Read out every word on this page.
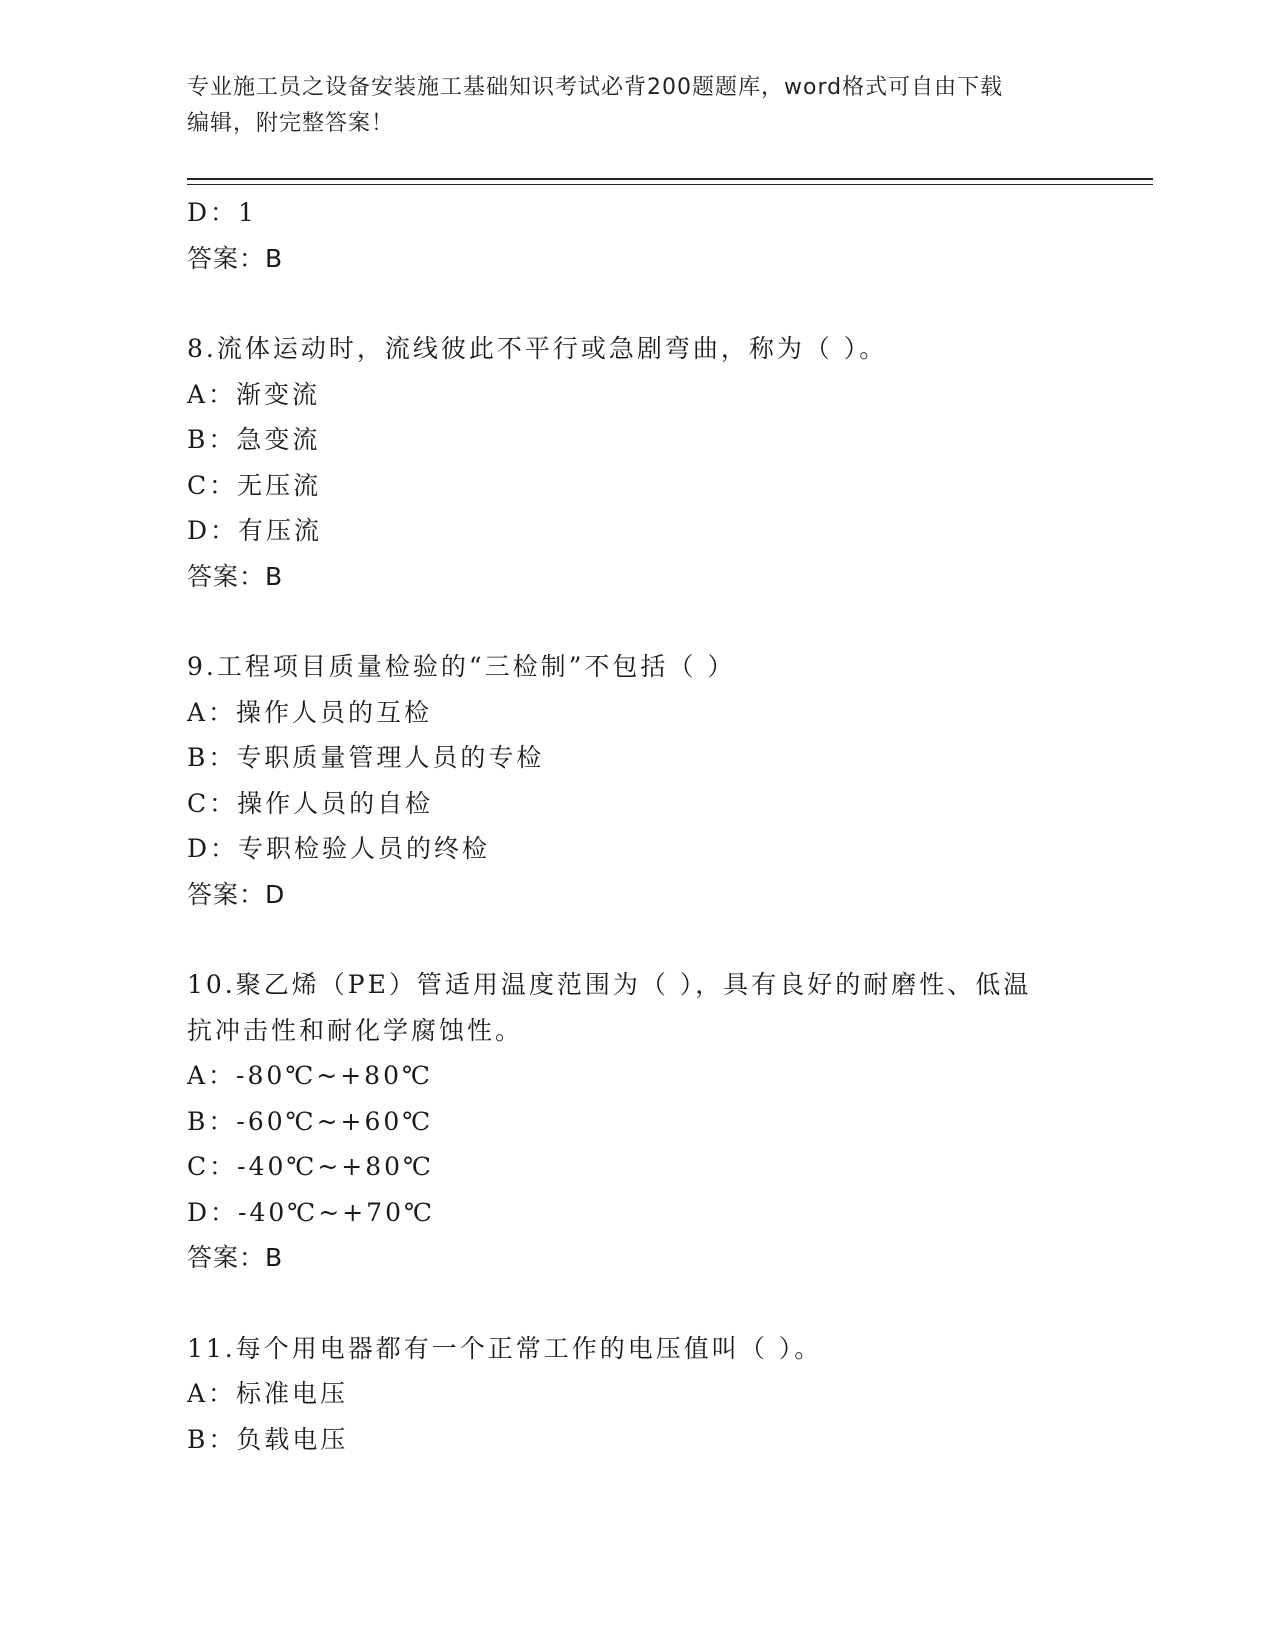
专业施工员之设备安装施工基础知识考试必背200题题库，word格式可自由下载
编辑，附完整答案！
D：1
答案：B
8.流体运动时，流线彼此不平行或急剧弯曲，称为（ ）。
A：渐变流
B：急变流
C：无压流
D：有压流
答案：B
9.工程项目质量检验的“三检制”不包括（ ）
A：操作人员的互检
B：专职质量管理人员的专检
C：操作人员的自检
D：专职检验人员的终检
答案：D
10.聚乙烯（PE）管适用温度范围为（ ），具有良好的耐磨性、低温
抗冲击性和耐化学腐蚀性。
A：-80℃~+80℃
B：-60℃~+60℃
C：-40℃~+80℃
D：-40℃~+70℃
答案：B
11.每个用电器都有一个正常工作的电压值叫（ ）。
A：标准电压
B：负载电压
